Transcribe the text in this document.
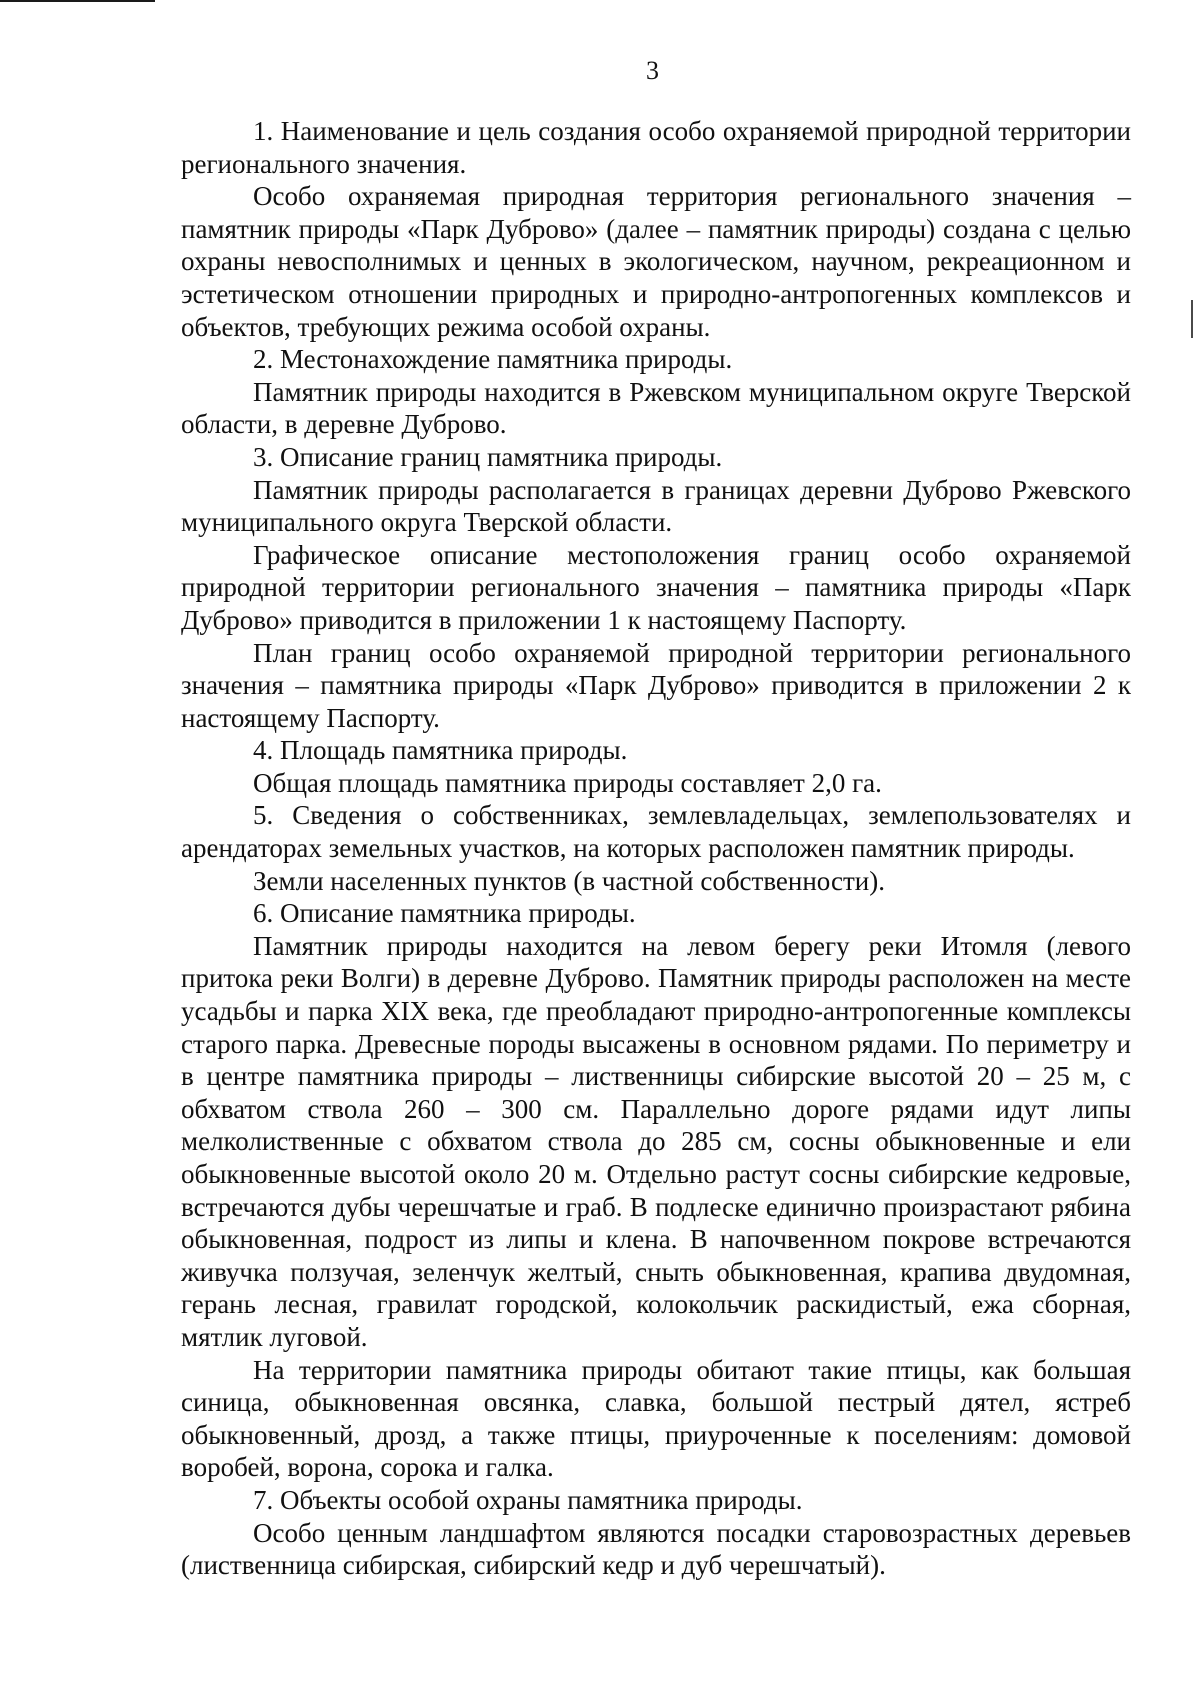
3

1. Наименование и цель создания особо охраняемой природной территории регионального значения.

Особо охраняемая природная территория регионального значения – памятник природы «Парк Дуброво» (далее – памятник природы) создана с целью охраны невосполнимых и ценных в экологическом, научном, рекреационном и эстетическом отношении природных и природно-антропогенных комплексов и объектов, требующих режима особой охраны.

2. Местонахождение памятника природы.

Памятник природы находится в Ржевском муниципальном округе Тверской области, в деревне Дуброво.

3. Описание границ памятника природы.

Памятник природы располагается в границах деревни Дуброво Ржевского муниципального округа Тверской области.

Графическое описание местоположения границ особо охраняемой природной территории регионального значения – памятника природы «Парк Дуброво» приводится в приложении 1 к настоящему Паспорту.

План границ особо охраняемой природной территории регионального значения – памятника природы «Парк Дуброво» приводится в приложении 2 к настоящему Паспорту.

4. Площадь памятника природы.

Общая площадь памятника природы составляет 2,0 га.

5. Сведения о собственниках, землевладельцах, землепользователях и арендаторах земельных участков, на которых расположен памятник природы.

Земли населенных пунктов (в частной собственности).

6. Описание памятника природы.

Памятник природы находится на левом берегу реки Итомля (левого притока реки Волги) в деревне Дуброво. Памятник природы расположен на месте усадьбы и парка XIX века, где преобладают природно-антропогенные комплексы старого парка. Древесные породы высажены в основном рядами. По периметру и в центре памятника природы – лиственницы сибирские высотой 20 – 25 м, с обхватом ствола 260 – 300 см. Параллельно дороге рядами идут липы мелколиственные с обхватом ствола до 285 см, сосны обыкновенные и ели обыкновенные высотой около 20 м. Отдельно растут сосны сибирские кедровые, встречаются дубы черешчатые и граб. В подлеске единично произрастают рябина обыкновенная, подрост из липы и клена. В напочвенном покрове встречаются живучка ползучая, зеленчук желтый, сныть обыкновенная, крапива двудомная, герань лесная, гравилат городской, колокольчик раскидистый, ежа сборная, мятлик луговой.

На территории памятника природы обитают такие птицы, как большая синица, обыкновенная овсянка, славка, большой пестрый дятел, ястреб обыкновенный, дрозд, а также птицы, приуроченные к поселениям: домовой воробей, ворона, сорока и галка.

7. Объекты особой охраны памятника природы.

Особо ценным ландшафтом являются посадки старовозрастных деревьев (лиственница сибирская, сибирский кедр и дуб черешчатый).
